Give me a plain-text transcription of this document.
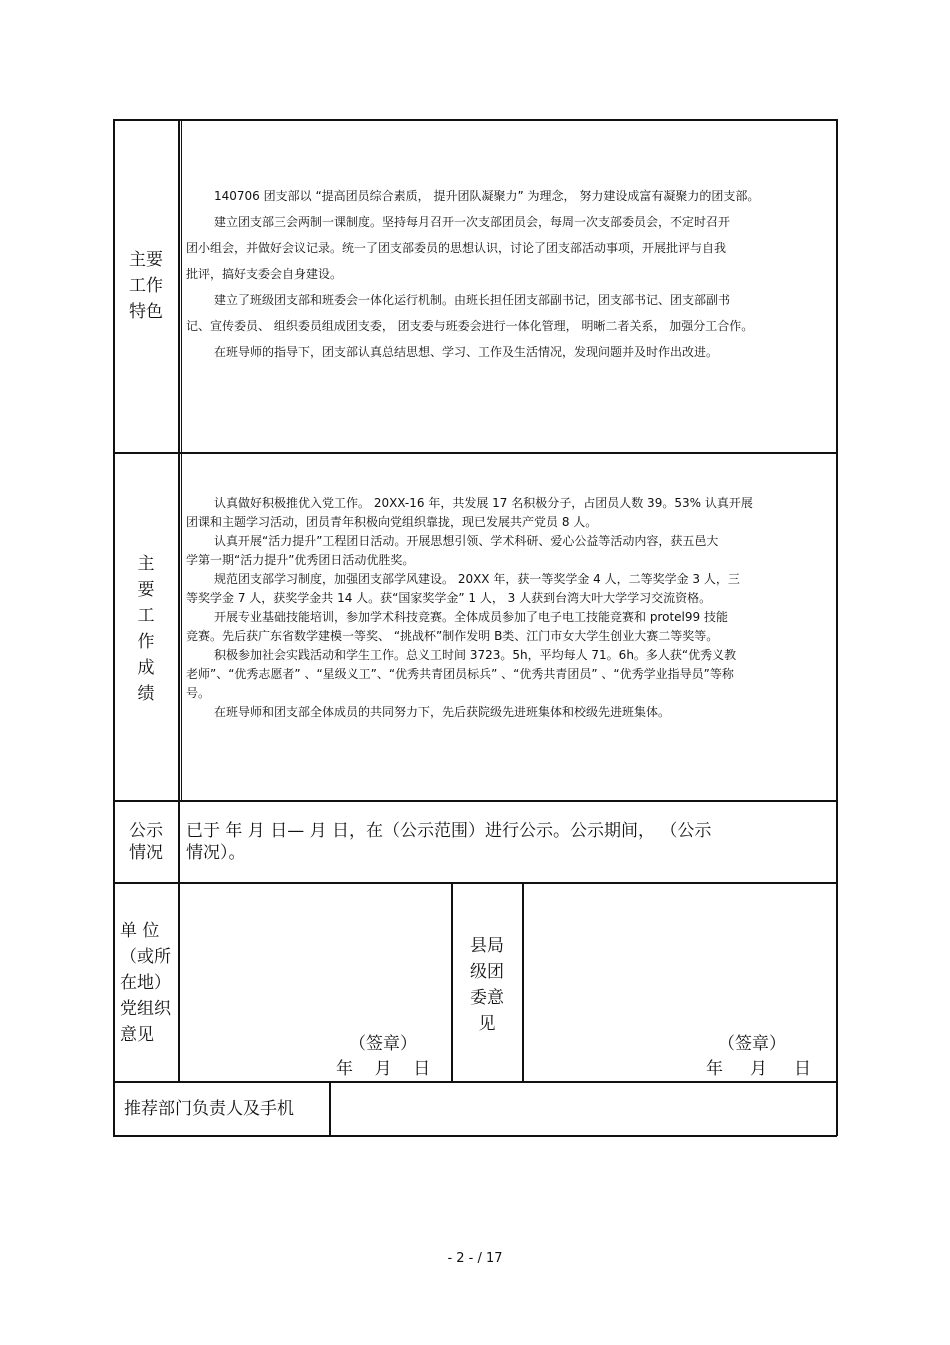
主要
工作
特色
140706 团支部以 “提高团员综合素质， 提升团队凝聚力” 为理念， 努力建设成富有凝聚力的团支部。
建立团支部三会两制一课制度。坚持每月召开一次支部团员会，每周一次支部委员会，不定时召开
团小组会，并做好会议记录。统一了团支部委员的思想认识，讨论了团支部活动事项，开展批评与自我
批评，搞好支委会自身建设。
建立了班级团支部和班委会一体化运行机制。由班长担任团支部副书记，团支部书记、团支部副书
记、宣传委员、 组织委员组成团支委， 团支委与班委会进行一体化管理， 明晰二者关系， 加强分工合作。
在班导师的指导下，团支部认真总结思想、学习、工作及生活情况，发现问题并及时作出改进。
主
要
工
作
成
绩
认真做好积极推优入党工作。 20XX-16 年，共发展 17 名积极分子，占团员人数 39。53% 认真开展
团课和主题学习活动，团员青年积极向党组织靠拢，现已发展共产党员 8 人。
认真开展“活力提升”工程团日活动。开展思想引领、学术科研、爱心公益等活动内容，获五邑大
学第一期“活力提升”优秀团日活动优胜奖。
规范团支部学习制度，加强团支部学风建设。 20XX 年，获一等奖学金 4 人，二等奖学金 3 人，三
等奖学金 7 人，获奖学金共 14 人。获“国家奖学金” 1 人， 3 人获到台湾大叶大学学习交流资格。
开展专业基础技能培训，参加学术科技竞赛。全体成员参加了电子电工技能竞赛和 protel99 技能
竞赛。先后获广东省数学建模一等奖、 “挑战杯”制作发明 B类、江门市女大学生创业大赛二等奖等。
积极参加社会实践活动和学生工作。总义工时间 3723。5h，平均每人 71。6h。多人获“优秀义教
老师”、“优秀志愿者” 、“星级义工”、“优秀共青团员标兵” 、“优秀共青团员” 、“优秀学业指导员”等称
号。
在班导师和团支部全体成员的共同努力下，先后获院级先进班集体和校级先进班集体。
公示
情况
已于 年 月 日— 月 日，在（公示范围）进行公示。公示期间， （公示
情况）。
单 位
（或所
在地）
党组织
意见	（签章）
年    月    日
县局
级团
委意
见
（签章）
年     月     日
推荐部门负责人及手机
- 2 - / 17
